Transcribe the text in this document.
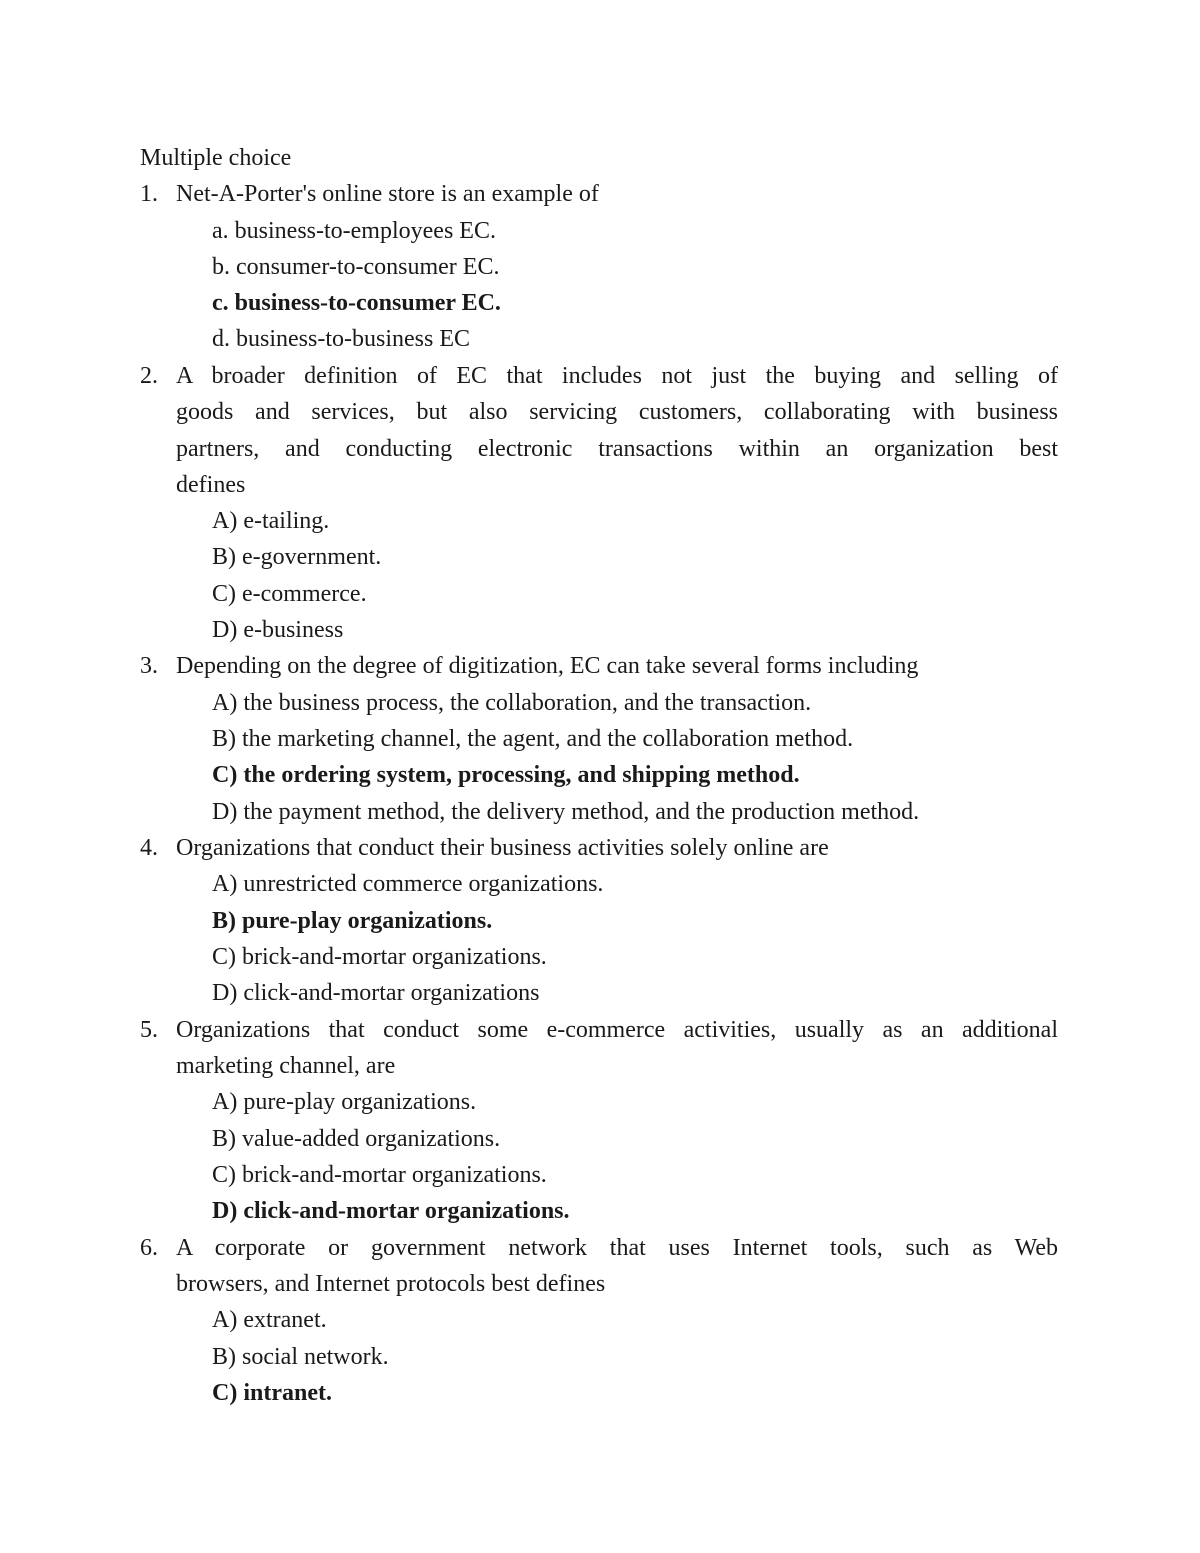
Multiple choice
1. Net-A-Porter's online store is an example of
a. business-to-employees EC.
b. consumer-to-consumer EC.
c. business-to-consumer EC.
d. business-to-business EC
2. A broader definition of EC that includes not just the buying and selling of
goods and services, but also servicing customers, collaborating with business
partners, and conducting electronic transactions within an organization best
defines
A) e-tailing.
B) e-government.
C) e-commerce.
D) e-business
3. Depending on the degree of digitization, EC can take several forms including
A) the business process, the collaboration, and the transaction.
B) the marketing channel, the agent, and the collaboration method.
C) the ordering system, processing, and shipping method.
D) the payment method, the delivery method, and the production method.
4. Organizations that conduct their business activities solely online are
A) unrestricted commerce organizations.
B) pure-play organizations.
C) brick-and-mortar organizations.
D) click-and-mortar organizations
5. Organizations that conduct some e-commerce activities, usually as an additional
marketing channel, are
A) pure-play organizations.
B) value-added organizations.
C) brick-and-mortar organizations.
D) click-and-mortar organizations.
6. A corporate or government network that uses Internet tools, such as Web
browsers, and Internet protocols best defines
A) extranet.
B) social network.
C) intranet.
